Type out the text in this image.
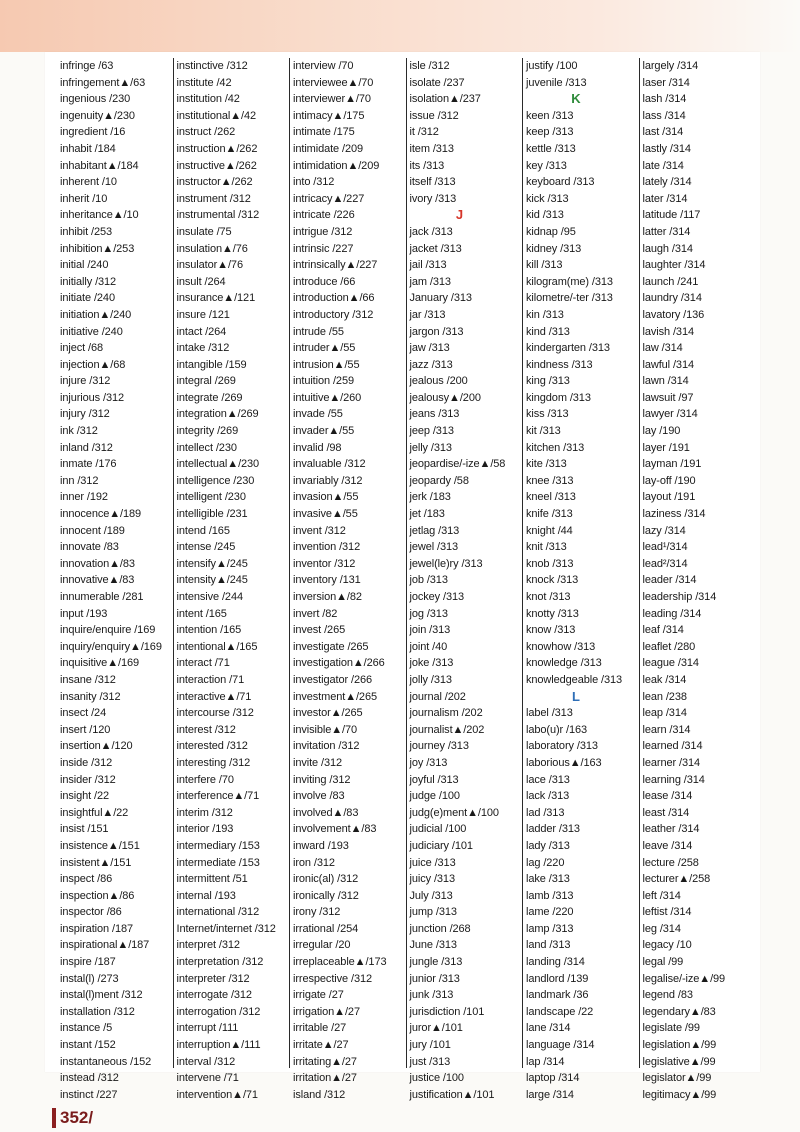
infringe /63
infringement▲/63
ingenious /230
ingenuity▲/230
ingredient /16
inhabit /184
inhabitant▲/184
inherent /10
inherit /10
inheritance▲/10
inhibit /253
inhibition▲/253
initial /240
initially /312
initiate /240
initiation▲/240
initiative /240
inject /68
injection▲/68
injure /312
injurious /312
injury /312
ink /312
inland /312
inmate /176
inn /312
inner /192
innocence▲/189
innocent /189
innovate /83
innovation▲/83
innovative▲/83
innumerable /281
input /193
inquire/enquire /169
inquiry/enquiry▲/169
inquisitive▲/169
insane /312
insanity /312
insect /24
insert /120
insertion▲/120
inside /312
insider /312
insight /22
insightful▲/22
insist /151
insistence▲/151
insistent▲/151
inspect /86
inspection▲/86
inspector /86
inspiration /187
inspirational▲/187
inspire /187
instal(l) /273
instal(l)ment /312
installation /312
instance /5
instant /152
instantaneous /152
instead /312
instinct /227
instinctive /312
institute /42
institution /42
institutional▲/42
instruct /262
instruction▲/262
instructive▲/262
instructor▲/262
instrument /312
instrumental /312
insulate /75
insulation▲/76
insulator▲/76
insult /264
insurance▲/121
insure /121
intact /264
intake /312
intangible /159
integral /269
integrate /269
integration▲/269
integrity /269
intellect /230
intellectual▲/230
intelligence /230
intelligent /230
intelligible /231
intend /165
intense /245
intensify▲/245
intensity▲/245
intensive /244
intent /165
intention /165
intentional▲/165
interact /71
interaction /71
interactive▲/71
intercourse /312
interest /312
interested /312
interesting /312
interfere /70
interference▲/71
interim /312
interior /193
intermediary /153
intermediate /153
intermittent /51
internal /193
international /312
Internet/internet /312
interpret /312
interpretation /312
interpreter /312
interrogate /312
interrogation /312
interrupt /111
interruption▲/111
interval /312
intervene /71
intervention▲/71
interview /70
interviewee▲/70
interviewer▲/70
intimacy▲/175
intimate /175
intimidate /209
intimidation▲/209
into /312
intricacy▲/227
intricate /226
intrigue /312
intrinsic /227
intrinsically▲/227
introduce /66
introduction▲/66
introductory /312
intrude /55
intruder▲/55
intrusion▲/55
intuition /259
intuitive▲/260
invade /55
invader▲/55
invalid /98
invaluable /312
invariably /312
invasion▲/55
invasive▲/55
invent /312
invention /312
inventor /312
inventory /131
inversion▲/82
invert /82
invest /265
investigate /265
investigation▲/266
investigator /266
investment▲/265
investor▲/265
invisible▲/70
invitation /312
invite /312
inviting /312
involve /83
involved▲/83
involvement▲/83
inward /193
iron /312
ironic(al) /312
ironically /312
irony /312
irrational /254
irregular /20
irreplaceable▲/173
irrespective /312
irrigate /27
irrigation▲/27
irritable /27
irritate▲/27
irritating▲/27
irritation▲/27
island /312
isle /312
isolate /237
isolation▲/237
issue /312
it /312
item /313
its /313
itself /313
ivory /313
J
jack /313
jacket /313
jail /313
jam /313
January /313
jar /313
jargon /313
jaw /313
jazz /313
jealous /200
jealousy▲/200
jeans /313
jeep /313
jelly /313
jeopardise/-ize▲/58
jeopardy /58
jerk /183
jet /183
jetlag /313
jewel /313
jewel(le)ry /313
job /313
jockey /313
jog /313
join /313
joint /40
joke /313
jolly /313
journal /202
journalism /202
journalist▲/202
journey /313
joy /313
joyful /313
judge /100
judg(e)ment▲/100
judicial /100
judiciary /101
juice /313
juicy /313
July /313
jump /313
junction /268
June /313
jungle /313
junior /313
junk /313
jurisdiction /101
juror▲/101
jury /101
just /313
justice /100
justification▲/101
justify /100
juvenile /313
K
keen /313
keep /313
kettle /313
key /313
keyboard /313
kick /313
kid /313
kidnap /95
kidney /313
kill /313
kilogram(me) /313
kilometre/-ter /313
kin /313
kind /313
kindergarten /313
kindness /313
king /313
kingdom /313
kiss /313
kit /313
kitchen /313
kite /313
knee /313
kneel /313
knife /313
knight /44
knit /313
knob /313
knock /313
knot /313
knotty /313
know /313
knowhow /313
knowledge /313
knowledgeable /313
L
label /313
labo(u)r /163
laboratory /313
laborious▲/163
lace /313
lack /313
lad /313
ladder /313
lady /313
lag /220
lake /313
lamb /313
lame /220
lamp /313
land /313
landing /314
landlord /139
landmark /36
landscape /22
lane /314
language /314
lap /314
laptop /314
large /314
largely /314
laser /314
lash /314
lass /314
last /314
lastly /314
late /314
lately /314
later /314
latitude /117
latter /314
laugh /314
laughter /314
launch /241
laundry /314
lavatory /136
lavish /314
law /314
lawful /314
lawn /314
lawsuit /97
lawyer /314
lay /190
layer /191
layman /191
lay-off /190
layout /191
laziness /314
lazy /314
lead¹/314
lead²/314
leader /314
leadership /314
leading /314
leaf /314
leaflet /280
league /314
leak /314
lean /238
leap /314
learn /314
learned /314
learner /314
learning /314
lease /314
least /314
leather /314
leave /314
lecture /258
lecturer▲/258
left /314
leftist /314
leg /314
legacy /10
legal /99
legalise/-ize▲/99
legend /83
legendary▲/83
legislate /99
legislation▲/99
legislative▲/99
legislator▲/99
legitimacy▲/99
352/
